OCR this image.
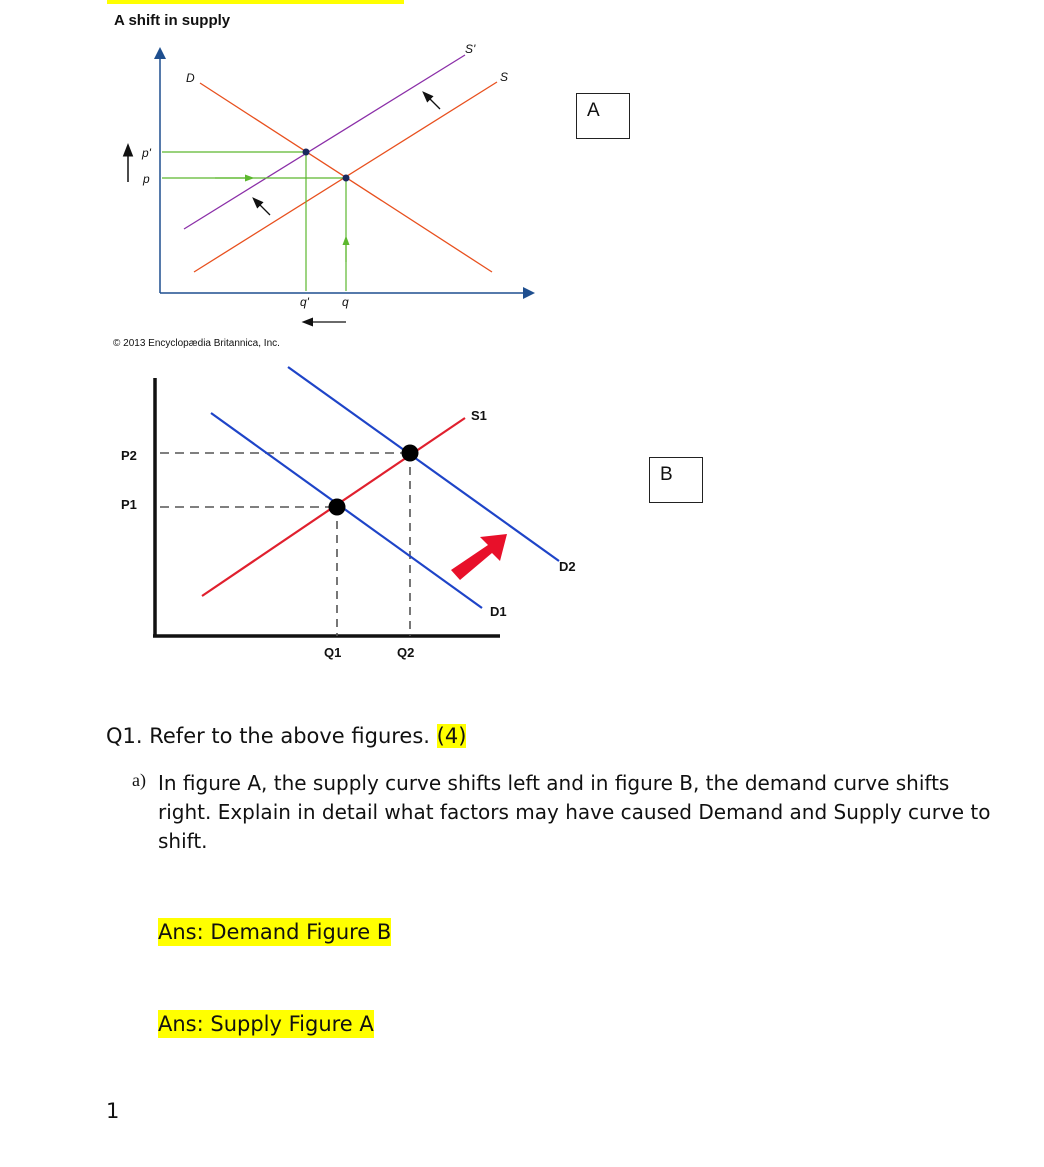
A shift in supply
D	S
S'
p'
p
q'	q
S1
D1
D2
P2
P1
Q1	Q2
© 2013 Encyclopædia Britannica, Inc.
A
B
Q1. Refer to the above figures. (4)
a) In figure A, the supply curve shifts left and in figure B, the demand curve shifts right. Explain in detail what factors may have caused Demand and Supply curve to shift.
Ans: Demand Figure B
Ans: Supply Figure A
1
